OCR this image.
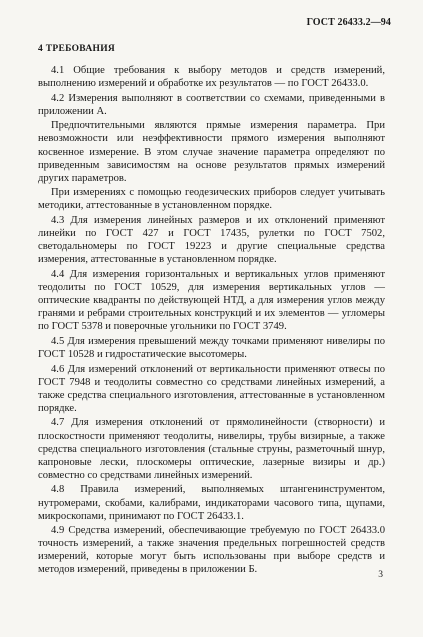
ГОСТ 26433.2—94
4 ТРЕБОВАНИЯ

4.1 Общие требования к выбору методов и средств измерений, выполнению измерений и обработке их результатов — по ГОСТ 26433.0.

4.2 Измерения выполняют в соответствии со схемами, приведенными в приложении А.

Предпочтительными являются прямые измерения параметра. При невозможности или неэффективности прямого измерения выполняют косвенное измерение. В этом случае значение параметра определяют по приведенным зависимостям на основе результатов прямых измерений других параметров.

При измерениях с помощью геодезических приборов следует учитывать методики, аттестованные в установленном порядке.

4.3 Для измерения линейных размеров и их отклонений применяют линейки по ГОСТ 427 и ГОСТ 17435, рулетки по ГОСТ 7502, светодальномеры по ГОСТ 19223 и другие специальные средства измерения, аттестованные в установленном порядке.

4.4 Для измерения горизонтальных и вертикальных углов применяют теодолиты по ГОСТ 10529, для измерения вертикальных углов — оптические квадранты по действующей НТД, а для измерения углов между гранями и ребрами строительных конструкций и их элементов — угломеры по ГОСТ 5378 и поверочные угольники по ГОСТ 3749.

4.5 Для измерения превышений между точками применяют нивелиры по ГОСТ 10528 и гидростатические высотомеры.

4.6 Для измерений отклонений от вертикальности применяют отвесы по ГОСТ 7948 и теодолиты совместно со средствами линейных измерений, а также средства специального изготовления, аттестованные в установленном порядке.

4.7 Для измерения отклонений от прямолинейности (створности) и плоскостности применяют теодолиты, нивелиры, трубы визирные, а также средства специального изготовления (стальные струны, разметочный шнур, капроновые лески, плоскомеры оптические, лазерные визиры и др.) совместно со средствами линейных измерений.

4.8 Правила измерений, выполняемых штангенинструментом, нутромерами, скобами, калибрами, индикаторами часового типа, щупами, микроскопами, принимают по ГОСТ 26433.1.

4.9 Средства измерений, обеспечивающие требуемую по ГОСТ 26433.0 точность измерений, а также значения предельных погрешностей средств измерений, которые могут быть использованы при выборе средств и методов измерений, приведены в приложении Б.	3
